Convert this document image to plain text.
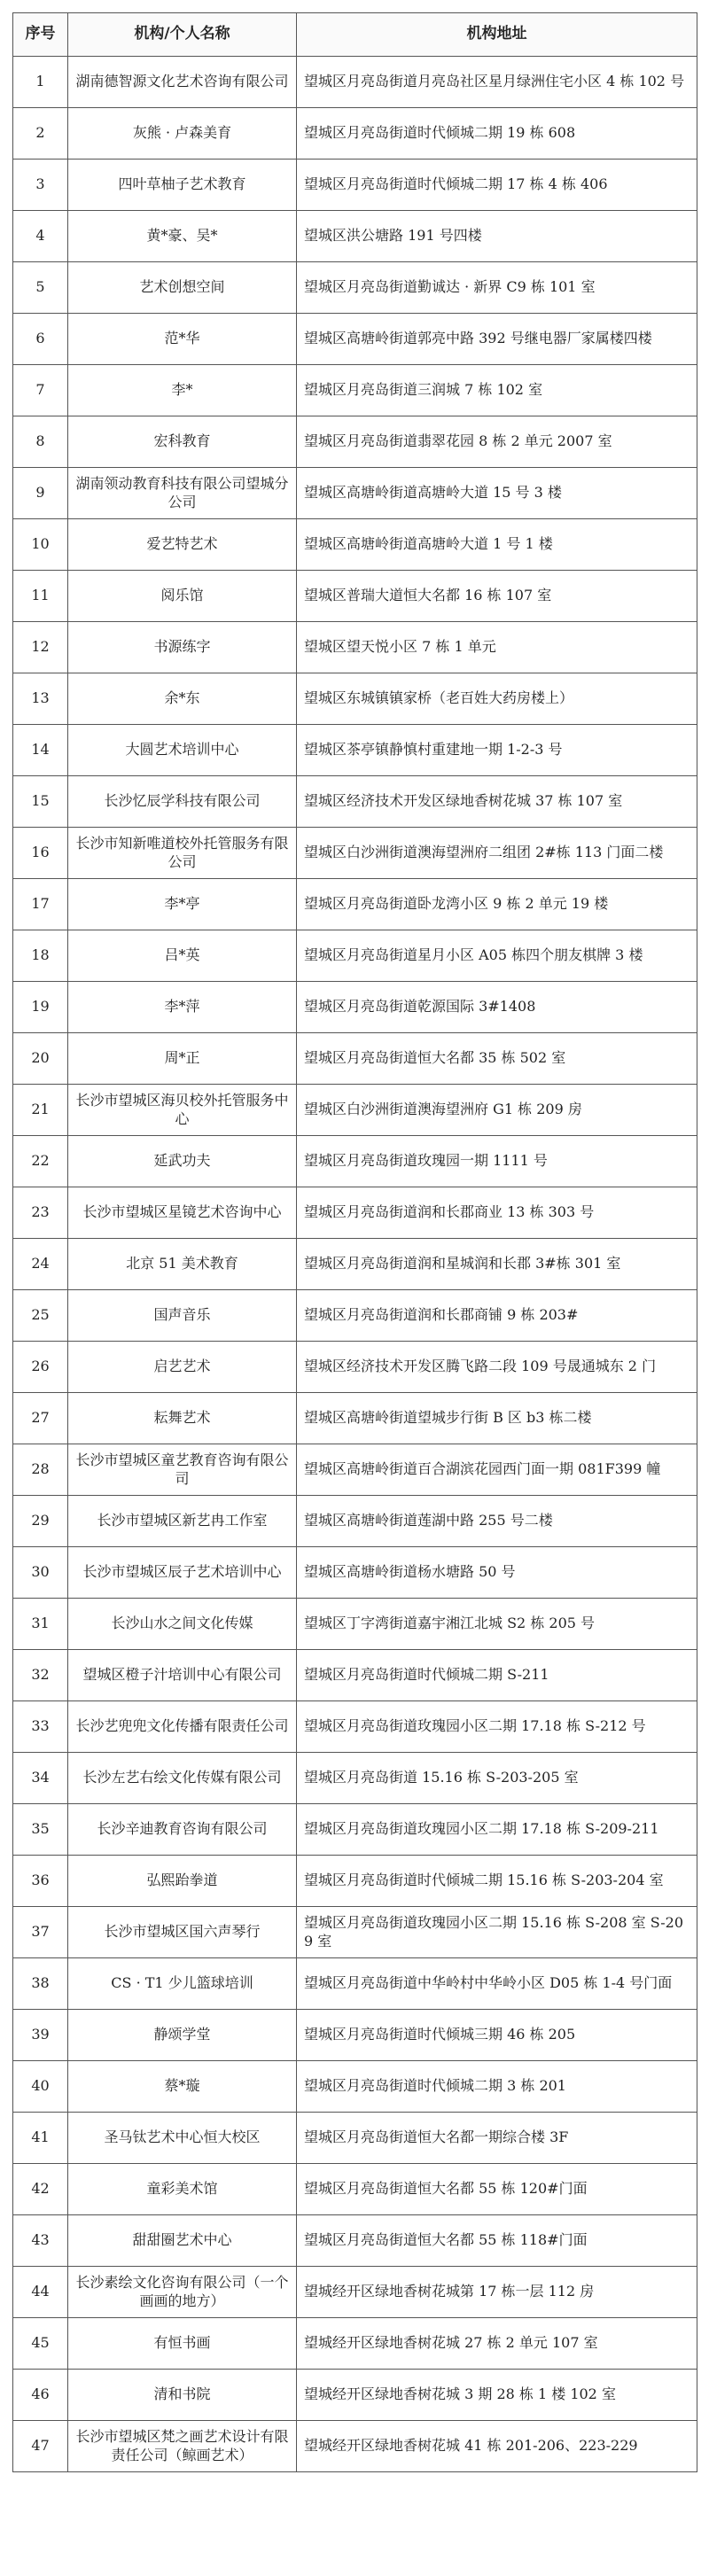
序号	机构/个人名称	机构地址
1	湖南德智源文化艺术咨询有限公司	望城区月亮岛街道月亮岛社区星月绿洲住宅小区 4 栋 102 号
2	灰熊 · 卢森美育	望城区月亮岛街道时代倾城二期 19 栋 608
3	四叶草柚子艺术教育	望城区月亮岛街道时代倾城二期 17 栋 4 栋 406
4	黄*豪、吴*	望城区洪公塘路 191 号四楼
5	艺术创想空间	望城区月亮岛街道勤诚达 · 新界 C9 栋 101 室
6	范*华	望城区高塘岭街道郭亮中路 392 号继电器厂家属楼四楼
7	李*	望城区月亮岛街道三润城 7 栋 102 室
8	宏科教育	望城区月亮岛街道翡翠花园 8 栋 2 单元 2007 室
9	湖南领动教育科技有限公司望城分公司	望城区高塘岭街道高塘岭大道 15 号 3 楼
10	爱艺特艺术	望城区高塘岭街道高塘岭大道 1 号 1 楼
11	阅乐馆	望城区普瑞大道恒大名都 16 栋 107 室
12	书源练字	望城区望天悦小区 7 栋 1 单元
13	余*东	望城区东城镇镇家桥（老百姓大药房楼上）
14	大圆艺术培训中心	望城区茶亭镇静慎村重建地一期 1-2-3 号
15	长沙忆辰学科技有限公司	望城区经济技术开发区绿地香树花城 37 栋 107 室
16	长沙市知新唯道校外托管服务有限公司	望城区白沙洲街道澳海望洲府二组团 2#栋 113 门面二楼
17	李*亭	望城区月亮岛街道卧龙湾小区 9 栋 2 单元 19 楼
18	吕*英	望城区月亮岛街道星月小区 A05 栋四个朋友棋牌 3 楼
19	李*萍	望城区月亮岛街道乾源国际 3#1408
20	周*正	望城区月亮岛街道恒大名都 35 栋 502 室
21	长沙市望城区海贝校外托管服务中心	望城区白沙洲街道澳海望洲府 G1 栋 209 房
22	延武功夫	望城区月亮岛街道玫瑰园一期 1111 号
23	长沙市望城区星镜艺术咨询中心	望城区月亮岛街道润和长郡商业 13 栋 303 号
24	北京 51 美术教育	望城区月亮岛街道润和星城润和长郡 3#栋 301 室
25	国声音乐	望城区月亮岛街道润和长郡商铺 9 栋 203#
26	启艺艺术	望城区经济技术开发区腾飞路二段 109 号晟通城东 2 门
27	耘舞艺术	望城区高塘岭街道望城步行街 B 区 b3 栋二楼
28	长沙市望城区童艺教育咨询有限公司	望城区高塘岭街道百合湖滨花园西门面一期 081F399 幢
29	长沙市望城区新艺冉工作室	望城区高塘岭街道莲湖中路 255 号二楼
30	长沙市望城区辰子艺术培训中心	望城区高塘岭街道杨水塘路 50 号
31	长沙山水之间文化传媒	望城区丁字湾街道嘉宇湘江北城 S2 栋 205 号
32	望城区橙子汁培训中心有限公司	望城区月亮岛街道时代倾城二期 S-211
33	长沙艺兜兜文化传播有限责任公司	望城区月亮岛街道玫瑰园小区二期 17.18 栋 S-212 号
34	长沙左艺右绘文化传媒有限公司	望城区月亮岛街道 15.16 栋 S-203-205 室
35	长沙辛迪教育咨询有限公司	望城区月亮岛街道玫瑰园小区二期 17.18 栋 S-209-211
36	弘熙跆拳道	望城区月亮岛街道时代倾城二期 15.16 栋 S-203-204 室
37	长沙市望城区国六声琴行	望城区月亮岛街道玫瑰园小区二期 15.16 栋 S-208 室 S-209 室
38	CS · T1 少儿篮球培训	望城区月亮岛街道中华岭村中华岭小区 D05 栋 1-4 号门面
39	静颂学堂	望城区月亮岛街道时代倾城三期 46 栋 205
40	蔡*璇	望城区月亮岛街道时代倾城二期 3 栋 201
41	圣马钛艺术中心恒大校区	望城区月亮岛街道恒大名都一期综合楼 3F
42	童彩美术馆	望城区月亮岛街道恒大名都 55 栋 120#门面
43	甜甜圈艺术中心	望城区月亮岛街道恒大名都 55 栋 118#门面
44	长沙素绘文化咨询有限公司（一个画画的地方）	望城经开区绿地香树花城第 17 栋一层 112 房
45	有恒书画	望城经开区绿地香树花城 27 栋 2 单元 107 室
46	清和书院	望城经开区绿地香树花城 3 期 28 栋 1 楼 102 室
47	长沙市望城区梵之画艺术设计有限责任公司（鲸画艺术）	望城经开区绿地香树花城 41 栋 201-206、223-229
